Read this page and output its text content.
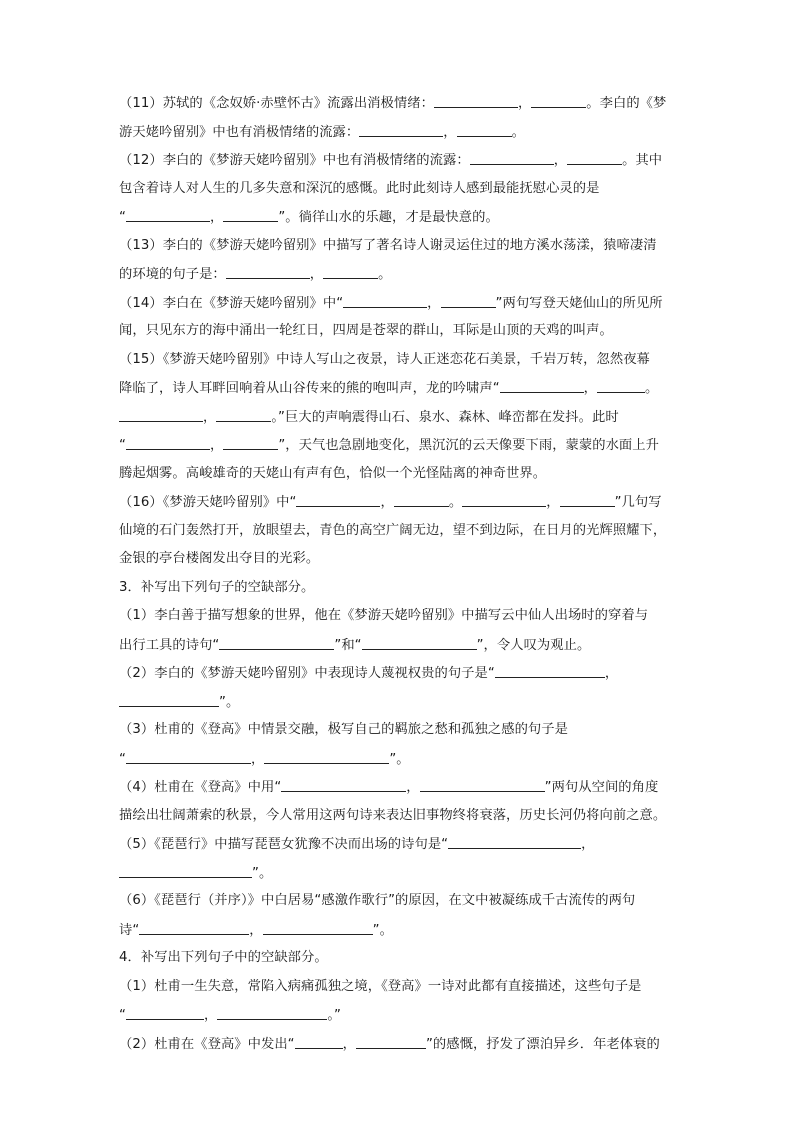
（11）苏轼的《念奴娇·赤壁怀古》流露出消极情绪：	，	。李白的《梦
游天姥吟留别》中也有消极情绪的流露：	，	。
（12）李白的《梦游天姥吟留别》中也有消极情绪的流露：	，	。其中
包含着诗人对人生的几多失意和深沉的感慨。此时此刻诗人感到最能抚慰心灵的是
“	，	”。徜徉山水的乐趣，才是最快意的。
（13）李白的《梦游天姥吟留别》中描写了著名诗人谢灵运住过的地方溪水荡漾，猿啼凄清
的环境的句子是：	，	。
（14）李白在《梦游天姥吟留别》中“	，	”两句写登天姥仙山的所见所
闻，只见东方的海中涌出一轮红日，四周是苍翠的群山，耳际是山顶的天鸡的叫声。
（15）《梦游天姥吟留别》中诗人写山之夜景，诗人正迷恋花石美景，千岩万转，忽然夜幕
降临了，诗人耳畔回响着从山谷传来的熊的咆叫声，龙的吟啸声“	，	。
，	。”巨大的声响震得山石、泉水、森林、峰峦都在发抖。此时
“	，	”，天气也急剧地变化，黑沉沉的云天像要下雨，蒙蒙的水面上升
腾起烟雾。高峻雄奇的天姥山有声有色，恰似一个光怪陆离的神奇世界。
（16）《梦游天姥吟留别》中“	，	。	，	”几句写
仙境的石门轰然打开，放眼望去，青色的高空广阔无边，望不到边际，在日月的光辉照耀下，
金银的亭台楼阁发出夺目的光彩。
3．补写出下列句子的空缺部分。
（1）李白善于描写想象的世界，他在《梦游天姥吟留别》中描写云中仙人出场时的穿着与
出行工具的诗句“	”和“	”，令人叹为观止。
（2）李白的《梦游天姥吟留别》中表现诗人蔑视权贵的句子是“	，
”。
（3）杜甫的《登高》中情景交融，极写自己的羁旅之愁和孤独之感的句子是
“	，	”。
（4）杜甫在《登高》中用“	，	”两句从空间的角度
描绘出壮阔萧索的秋景，今人常用这两句诗来表达旧事物终将衰落，历史长河仍将向前之意。
（5）《琵琶行》中描写琵琶女犹豫不决而出场的诗句是“	，
”。
（6）《琵琶行（并序）》中白居易“感激作歌行”的原因，在文中被凝练成千古流传的两句
诗“	，	”。
4．补写出下列句子中的空缺部分。
（1）杜甫一生失意，常陷入病痛孤独之境，《登高》一诗对此都有直接描述，这些句子是
“	，	。”
（2）杜甫在《登高》中发出“	，	”的感慨，抒发了漂泊异乡．年老体衰的
